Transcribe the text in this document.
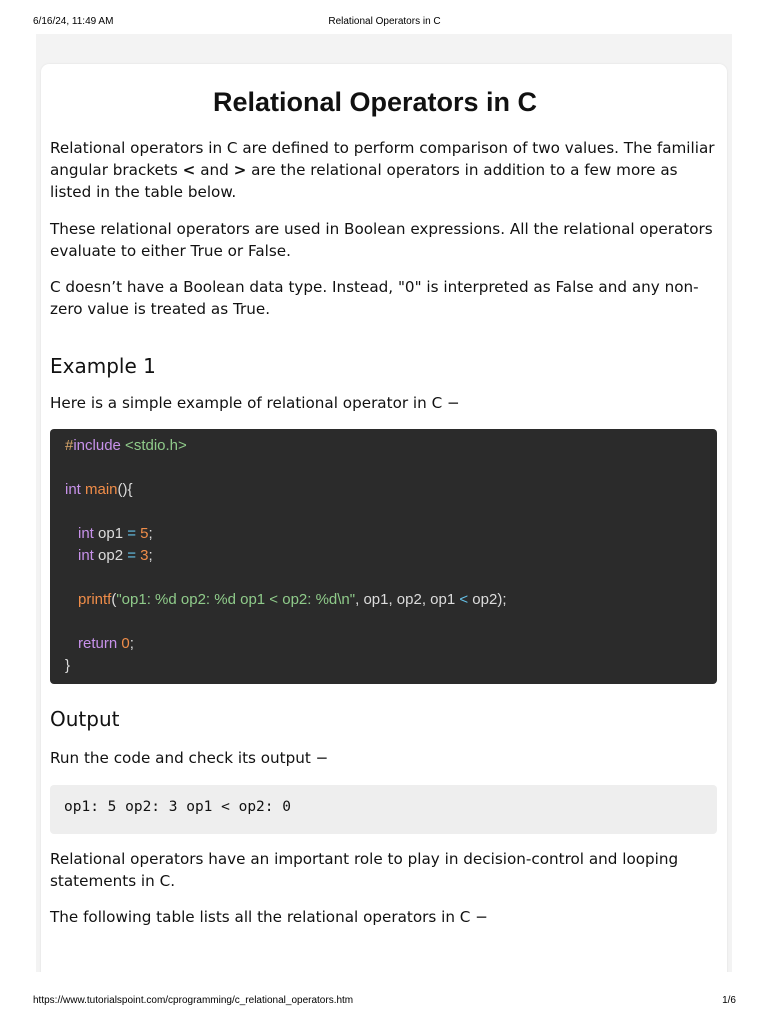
6/16/24, 11:49 AM	Relational Operators in C
Relational Operators in C

Relational operators in C are defined to perform comparison of two values. The familiar angular brackets < and > are the relational operators in addition to a few more as listed in the table below.

These relational operators are used in Boolean expressions. All the relational operators evaluate to either True or False.

C doesn’t have a Boolean data type. Instead, "0" is interpreted as False and any non-zero value is treated as True.

Example 1

Here is a simple example of relational operator in C −

#include <stdio.h>
int main(){
int op1 = 5;
int op2 = 3;
printf("op1: %d op2: %d op1 < op2: %d\n", op1, op2, op1 < op2);
return 0;
}
Output

Run the code and check its output −

op1: 5 op2: 3 op1 < op2: 0

Relational operators have an important role to play in decision-control and looping statements in C.

The following table lists all the relational operators in C −

https://www.tutorialspoint.com/cprogramming/c_relational_operators.htm	1/6
